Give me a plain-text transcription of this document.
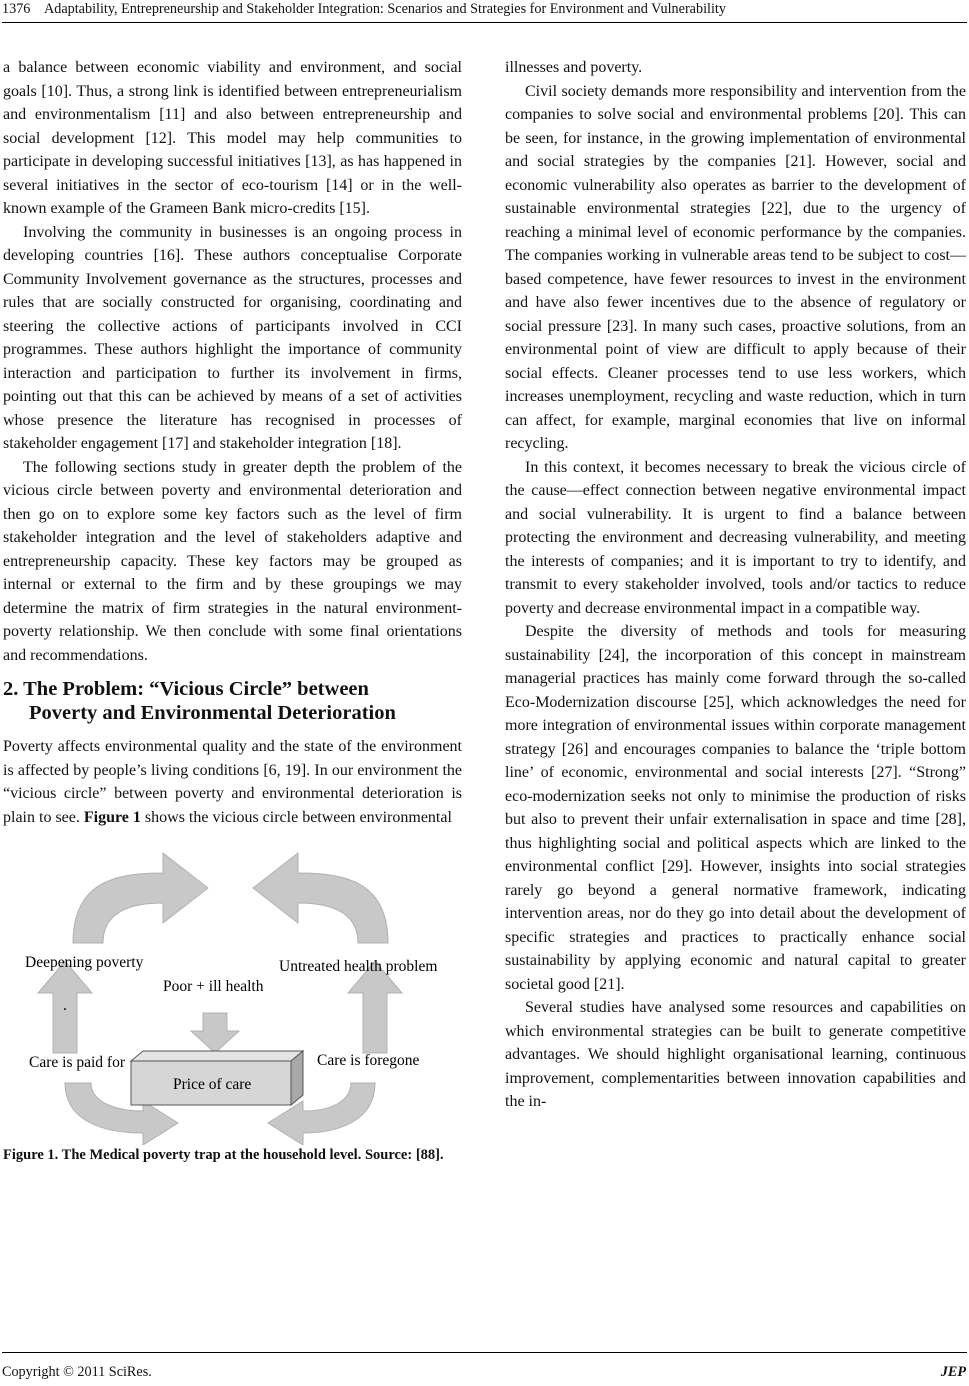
1376 Adaptability, Entrepreneurship and Stakeholder Integration: Scenarios and Strategies for Environment and Vulnerability

a balance between economic viability and environment, and social goals [10]. Thus, a strong link is identified between entrepreneurialism and environmentalism [11] and also between entrepreneurship and social development [12]. This model may help communities to participate in developing successful initiatives [13], as has happened in several initiatives in the sector of eco-tourism [14] or in the well-known example of the Grameen Bank micro-credits [15].

Involving the community in businesses is an ongoing process in developing countries [16]. These authors conceptualise Corporate Community Involvement governance as the structures, processes and rules that are socially constructed for organising, coordinating and steering the collective actions of participants involved in CCI programmes. These authors highlight the importance of community interaction and participation to further its involvement in firms, pointing out that this can be achieved by means of a set of activities whose presence the literature has recognised in processes of stakeholder engagement [17] and stakeholder integration [18].

The following sections study in greater depth the problem of the vicious circle between poverty and environmental deterioration and then go on to explore some key factors such as the level of firm stakeholder integration and the level of stakeholders adaptive and entrepreneurship capacity. These key factors may be grouped as internal or external to the firm and by these groupings we may determine the matrix of firm strategies in the natural environment-poverty relationship. We then conclude with some final orientations and recommendations.

2. The Problem: “Vicious Circle” between
Poverty and Environmental Deterioration

Poverty affects environmental quality and the state of the environment is affected by people’s living conditions [6, 19]. In our environment the “vicious circle” between poverty and environmental deterioration is plain to see. Figure 1 shows the vicious circle between environmental

Deepening poverty
Poor + ill health
Untreated health problem
.
Care is paid for	Care is foregone
Price of care
Figure 1. The Medical poverty trap at the household level. Source: [88].

illnesses and poverty.

Civil society demands more responsibility and intervention from the companies to solve social and environmental problems [20]. This can be seen, for instance, in the growing implementation of environmental and social strategies by the companies [21]. However, social and economic vulnerability also operates as barrier to the development of sustainable environmental strategies [22], due to the urgency of reaching a minimal level of economic performance by the companies. The companies working in vulnerable areas tend to be subject to cost—based competence, have fewer resources to invest in the environment and have also fewer incentives due to the absence of regulatory or social pressure [23]. In many such cases, proactive solutions, from an environmental point of view are difficult to apply because of their social effects. Cleaner processes tend to use less workers, which increases unemployment, recycling and waste reduction, which in turn can affect, for example, marginal economies that live on informal recycling.

In this context, it becomes necessary to break the vicious circle of the cause—effect connection between negative environmental impact and social vulnerability. It is urgent to find a balance between protecting the environment and decreasing vulnerability, and meeting the interests of companies; and it is important to try to identify, and transmit to every stakeholder involved, tools and/or tactics to reduce poverty and decrease environmental impact in a compatible way.

Despite the diversity of methods and tools for measuring sustainability [24], the incorporation of this concept in mainstream managerial practices has mainly come forward through the so-called Eco-Modernization discourse [25], which acknowledges the need for more integration of environmental issues within corporate management strategy [26] and encourages companies to balance the ‘triple bottom line’ of economic, environmental and social interests [27]. “Strong” eco-modernization seeks not only to minimise the production of risks but also to prevent their unfair externalisation in space and time [28], thus highlighting social and political aspects which are linked to the environmental conflict [29]. However, insights into social strategies rarely go beyond a general normative framework, indicating intervention areas, nor do they go into detail about the development of specific strategies and practices to practically enhance social sustainability by applying economic and natural capital to greater societal good [21].

Several studies have analysed some resources and capabilities on which environmental strategies can be built to generate competitive advantages. We should highlight organisational learning, continuous improvement, complementarities between innovation capabilities and the in-

Copyright © 2011 SciRes.	JEP
